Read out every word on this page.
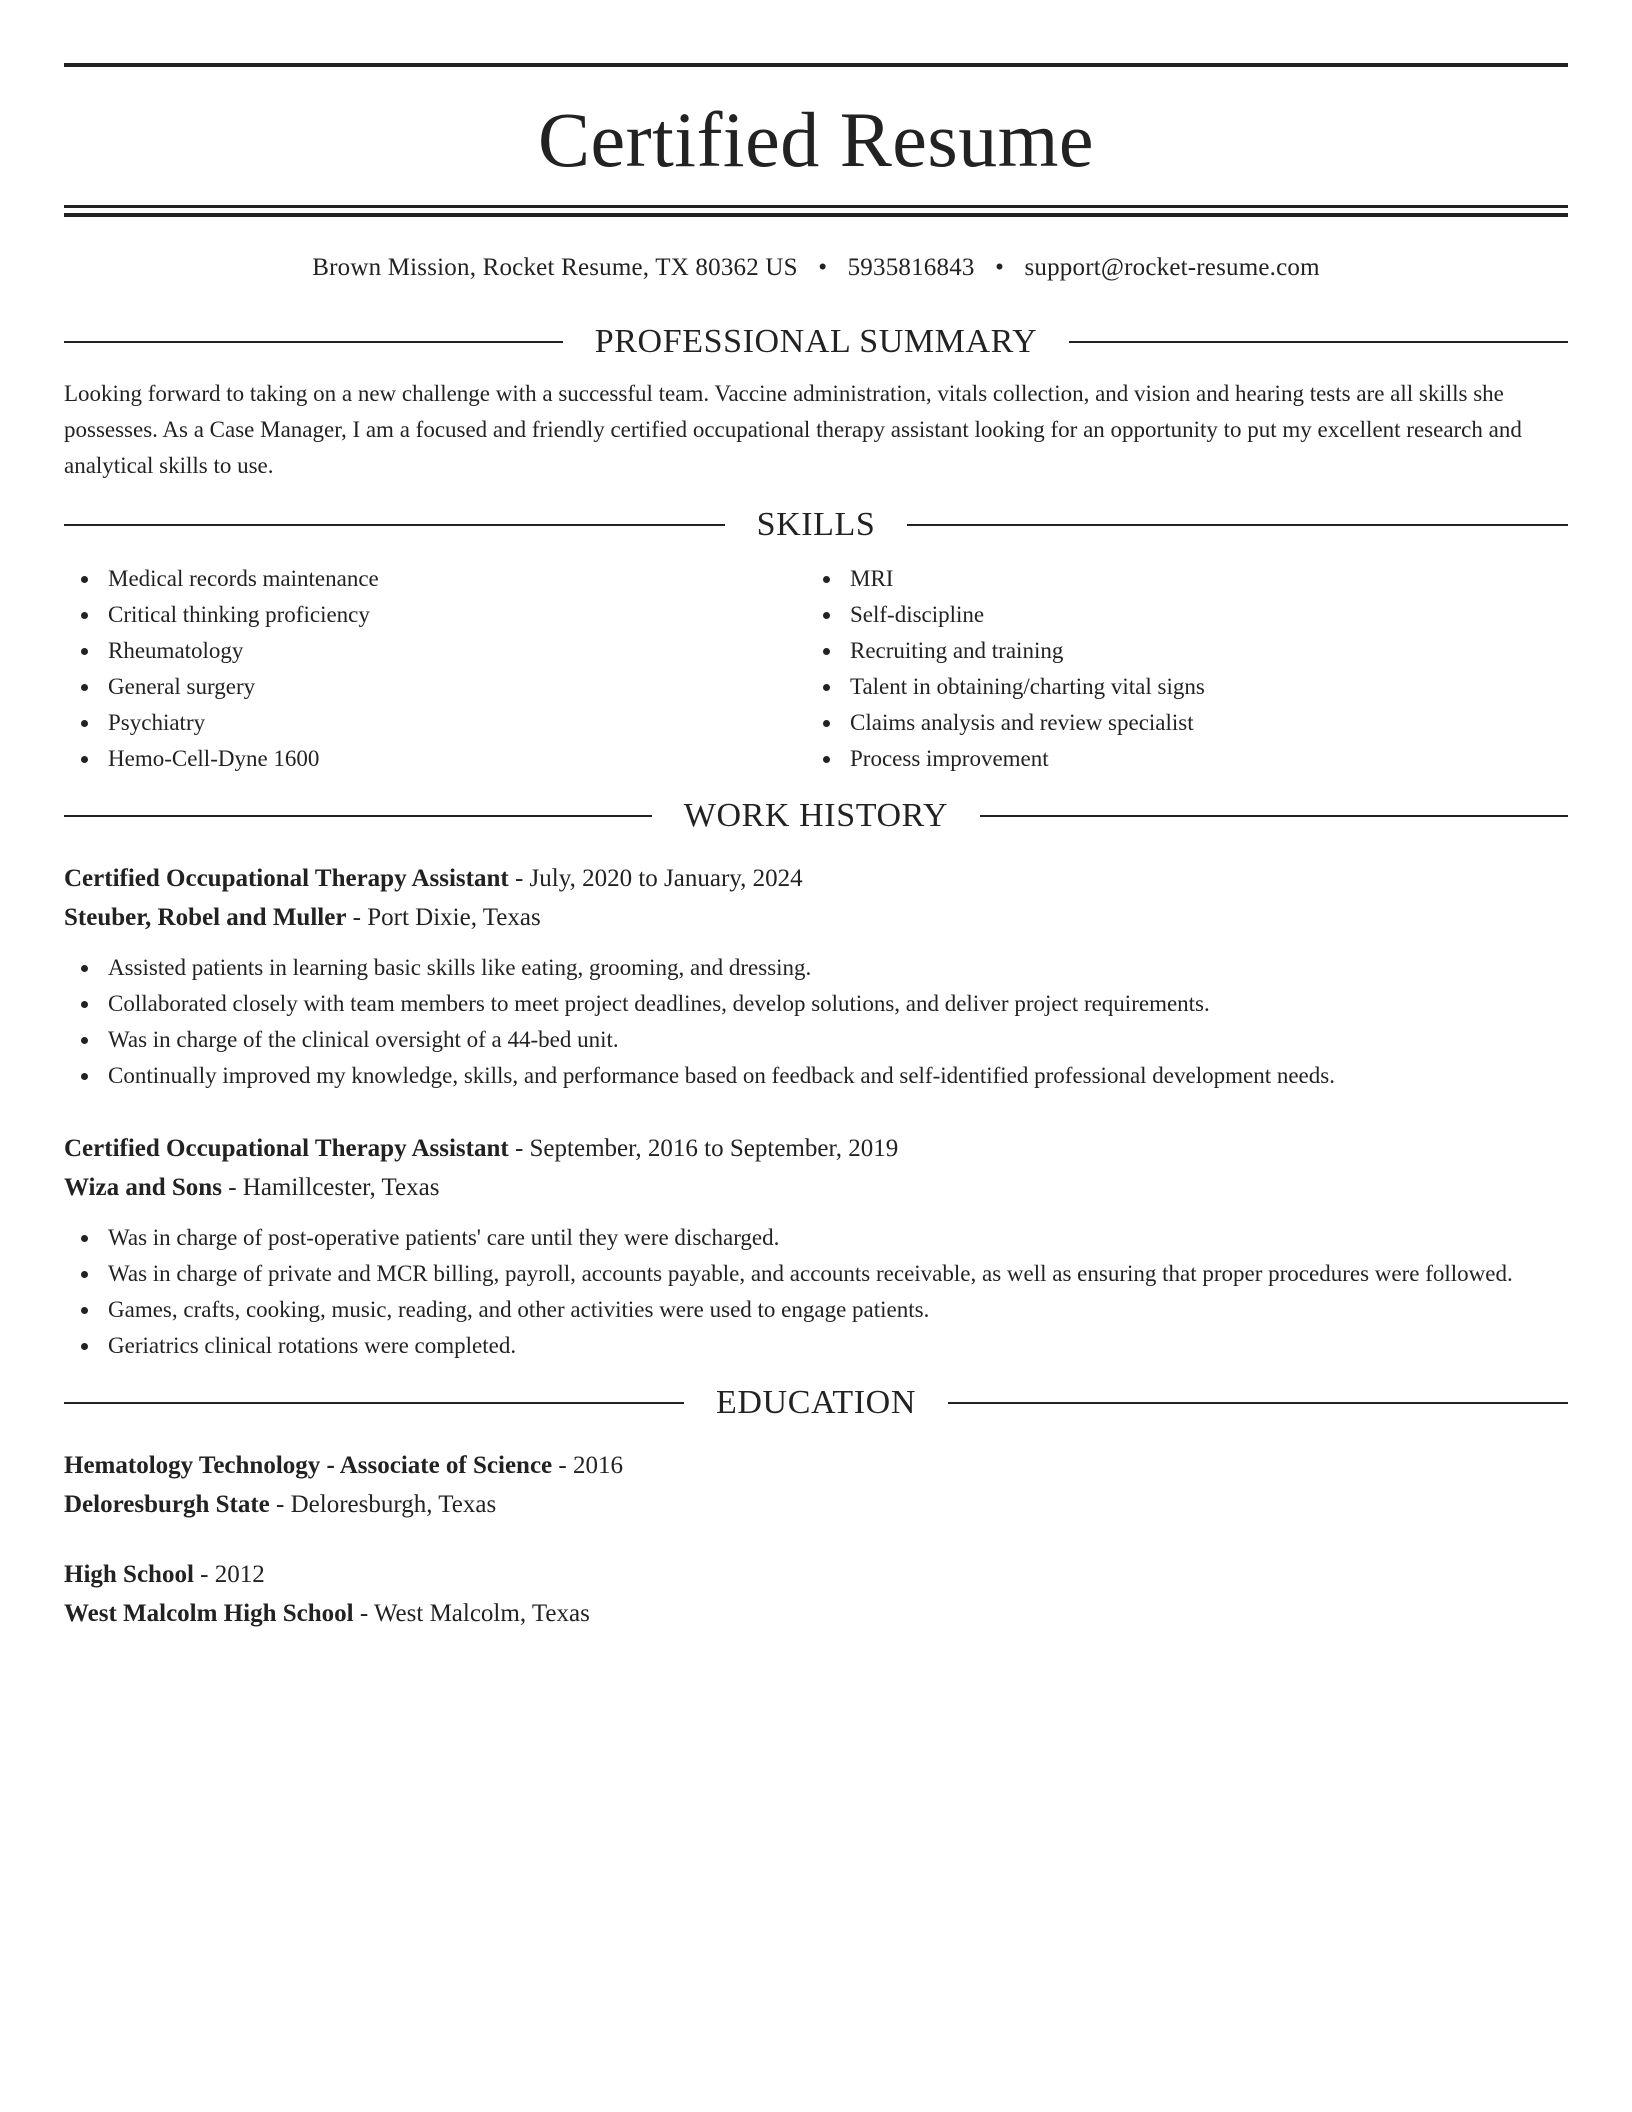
Certified Resume
Brown Mission, Rocket Resume, TX 80362 US • 5935816843 • support@rocket-resume.com
PROFESSIONAL SUMMARY

Looking forward to taking on a new challenge with a successful team. Vaccine administration, vitals collection, and vision and hearing tests are all skills she possesses. As a Case Manager, I am a focused and friendly certified occupational therapy assistant looking for an opportunity to put my excellent research and analytical skills to use.

SKILLS
Medical records maintenance
Critical thinking proficiency
Rheumatology
General surgery
Psychiatry
Hemo-Cell-Dyne 1600
MRI
Self-discipline
Recruiting and training
Talent in obtaining/charting vital signs
Claims analysis and review specialist
Process improvement
WORK HISTORY

Certified Occupational Therapy Assistant - July, 2020 to January, 2024

Steuber, Robel and Muller - Port Dixie, Texas

Assisted patients in learning basic skills like eating, grooming, and dressing.
Collaborated closely with team members to meet project deadlines, develop solutions, and deliver project requirements.
Was in charge of the clinical oversight of a 44-bed unit.
Continually improved my knowledge, skills, and performance based on feedback and self-identified professional development needs.

Certified Occupational Therapy Assistant - September, 2016 to September, 2019

Wiza and Sons - Hamillcester, Texas

Was in charge of post-operative patients' care until they were discharged.
Was in charge of private and MCR billing, payroll, accounts payable, and accounts receivable, as well as ensuring that proper procedures were followed.
Games, crafts, cooking, music, reading, and other activities were used to engage patients.
Geriatrics clinical rotations were completed.
EDUCATION

Hematology Technology - Associate of Science - 2016

Deloresburgh State - Deloresburgh, Texas

High School - 2012

West Malcolm High School - West Malcolm, Texas
